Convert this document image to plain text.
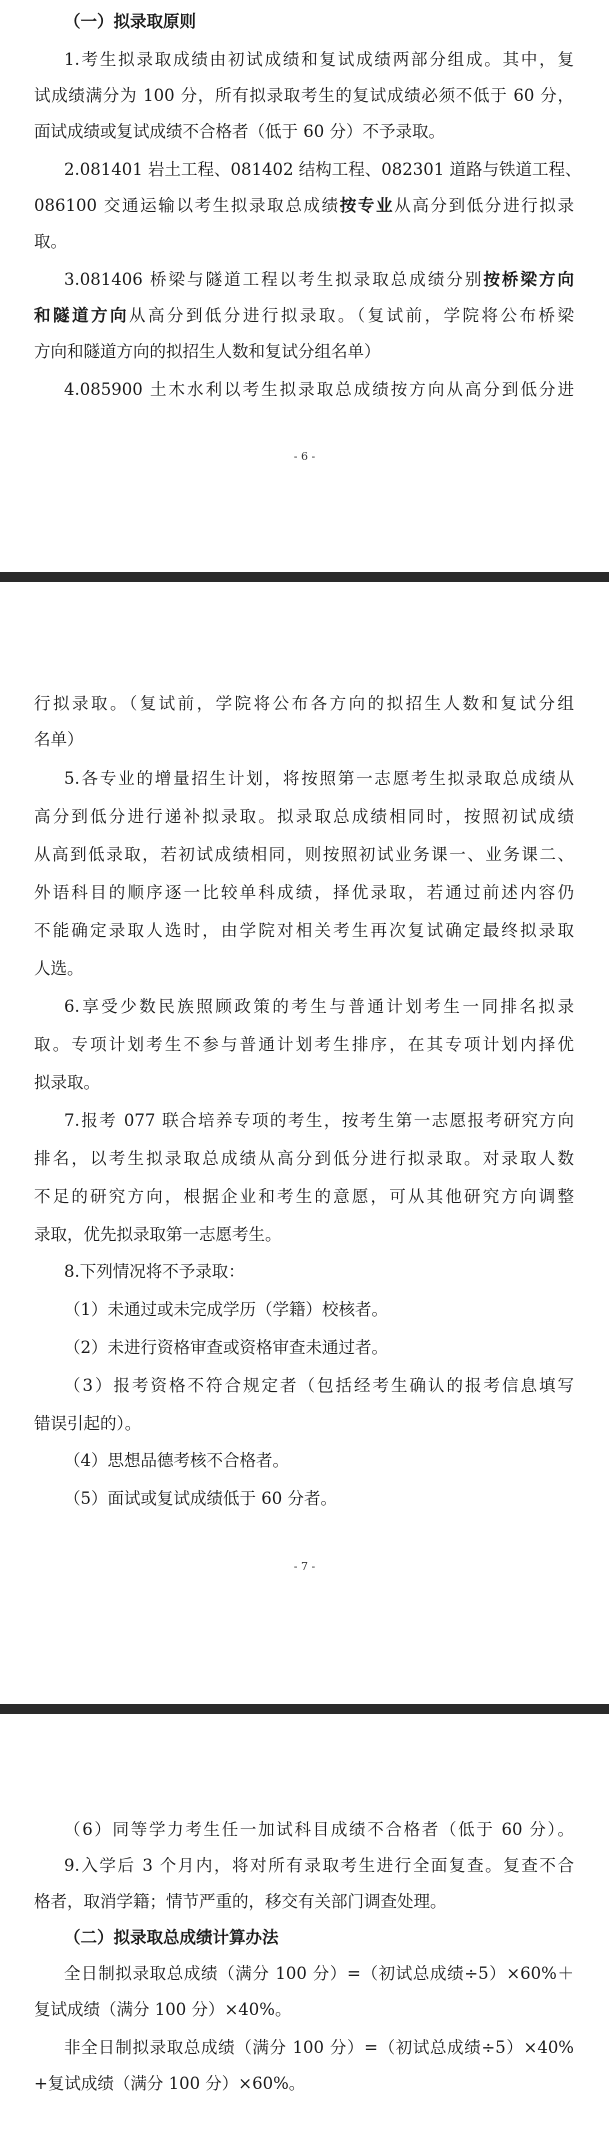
（一）拟录取原则
1.考生拟录取成绩由初试成绩和复试成绩两部分组成。其中，复
试成绩满分为 100 分，所有拟录取考生的复试成绩必须不低于 60 分，
面试成绩或复试成绩不合格者（低于 60 分）不予录取。
2.081401 岩土工程、081402 结构工程、082301 道路与铁道工程、
086100 交通运输以考生拟录取总成绩按专业从高分到低分进行拟录
取。
3.081406 桥梁与隧道工程以考生拟录取总成绩分别按桥梁方向
和隧道方向从高分到低分进行拟录取。（复试前，学院将公布桥梁
方向和隧道方向的拟招生人数和复试分组名单）
4.085900 土木水利以考生拟录取总成绩按方向从高分到低分进
- 6 -
行拟录取。（复试前，学院将公布各方向的拟招生人数和复试分组
名单）
5.各专业的增量招生计划，将按照第一志愿考生拟录取总成绩从
高分到低分进行递补拟录取。拟录取总成绩相同时，按照初试成绩
从高到低录取，若初试成绩相同，则按照初试业务课一、业务课二、
外语科目的顺序逐一比较单科成绩，择优录取，若通过前述内容仍
不能确定录取人选时，由学院对相关考生再次复试确定最终拟录取
人选。
6.享受少数民族照顾政策的考生与普通计划考生一同排名拟录
取。专项计划考生不参与普通计划考生排序，在其专项计划内择优
拟录取。
7.报考 077 联合培养专项的考生，按考生第一志愿报考研究方向
排名，以考生拟录取总成绩从高分到低分进行拟录取。对录取人数
不足的研究方向，根据企业和考生的意愿，可从其他研究方向调整
录取，优先拟录取第一志愿考生。
8.下列情况将不予录取：
（1）未通过或未完成学历（学籍）校核者。
（2）未进行资格审查或资格审查未通过者。
（3）报考资格不符合规定者（包括经考生确认的报考信息填写
错误引起的）。
（4）思想品德考核不合格者。
（5）面试或复试成绩低于 60 分者。
- 7 -
（6）同等学力考生任一加试科目成绩不合格者（低于 60 分）。
9.入学后 3 个月内，将对所有录取考生进行全面复查。复查不合
格者，取消学籍；情节严重的，移交有关部门调查处理。
（二）拟录取总成绩计算办法
全日制拟录取总成绩（满分 100 分）=（初试总成绩÷5）×60%＋
复试成绩（满分 100 分）×40%。
非全日制拟录取总成绩（满分 100 分）=（初试总成绩÷5）×40%
+复试成绩（满分 100 分）×60%。
